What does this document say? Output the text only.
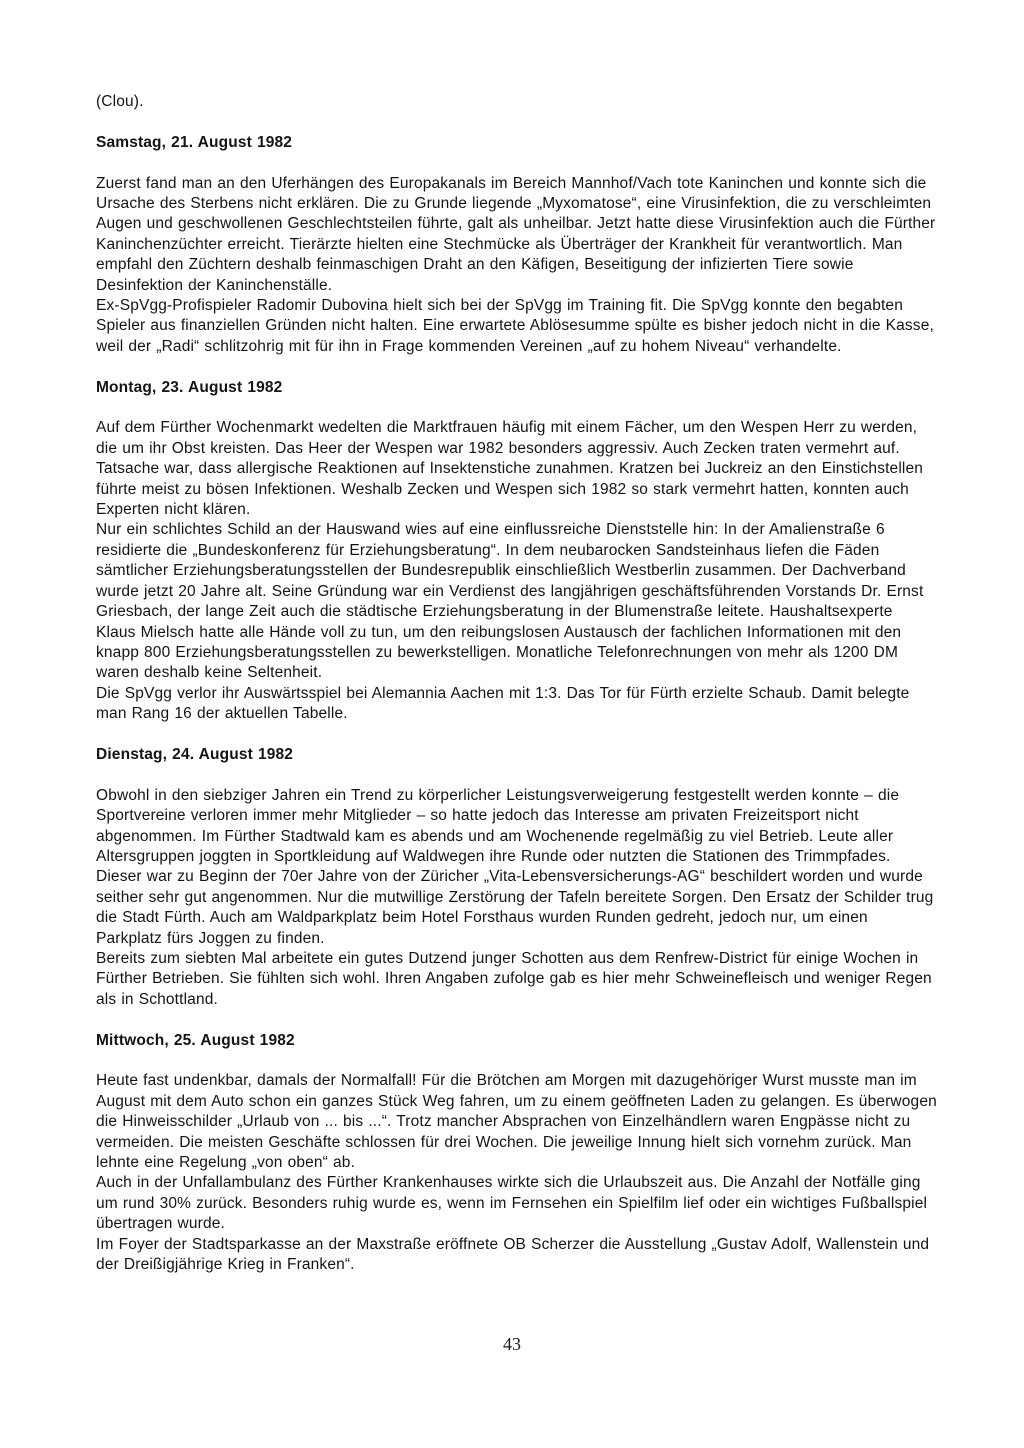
(Clou).

Samstag, 21. August 1982

Zuerst fand man an den Uferhängen des Europakanals im Bereich Mannhof/Vach tote Kaninchen und konnte sich die Ursache des Sterbens nicht erklären. Die zu Grunde liegende „Myxomatose“, eine Virusinfektion, die zu verschleimten Augen und geschwollenen Geschlechtsteilen führte, galt als unheilbar. Jetzt hatte diese Virusinfektion auch die Fürther Kaninchenzüchter erreicht. Tierärzte hielten eine Stechmücke als Überträger der Krankheit für verantwortlich. Man empfahl den Züchtern deshalb feinmaschigen Draht an den Käfigen, Beseitigung der infizierten Tiere sowie Desinfektion der Kaninchenställe.

Ex-SpVgg-Profispieler Radomir Dubovina hielt sich bei der SpVgg im Training fit. Die SpVgg konnte den begabten Spieler aus finanziellen Gründen nicht halten. Eine erwartete Ablösesumme spülte es bisher jedoch nicht in die Kasse, weil der „Radi“ schlitzohrig mit für ihn in Frage kommenden Vereinen „auf zu hohem Niveau“ verhandelte.

Montag, 23. August 1982

Auf dem Fürther Wochenmarkt wedelten die Marktfrauen häufig mit einem Fächer, um den Wespen Herr zu werden, die um ihr Obst kreisten. Das Heer der Wespen war 1982 besonders aggressiv. Auch Zecken traten vermehrt auf. Tatsache war, dass allergische Reaktionen auf Insektenstiche zunahmen. Kratzen bei Juckreiz an den Einstichstellen führte meist zu bösen Infektionen. Weshalb Zecken und Wespen sich 1982 so stark vermehrt hatten, konnten auch Experten nicht klären.

Nur ein schlichtes Schild an der Hauswand wies auf eine einflussreiche Dienststelle hin: In der Amalienstraße 6 residierte die „Bundeskonferenz für Erziehungsberatung“. In dem neubarocken Sandsteinhaus liefen die Fäden sämtlicher Erziehungsberatungsstellen der Bundesrepublik einschließlich Westberlin zusammen. Der Dachverband wurde jetzt 20 Jahre alt. Seine Gründung war ein Verdienst des langjährigen geschäftsführenden Vorstands Dr. Ernst Griesbach, der lange Zeit auch die städtische Erziehungsberatung in der Blumenstraße leitete. Haushaltsexperte Klaus Mielsch hatte alle Hände voll zu tun, um den reibungslosen Austausch der fachlichen Informationen mit den knapp 800 Erziehungsberatungsstellen zu bewerkstelligen. Monatliche Telefonrechnungen von mehr als 1200 DM waren deshalb keine Seltenheit.

Die SpVgg verlor ihr Auswärtsspiel bei Alemannia Aachen mit 1:3. Das Tor für Fürth erzielte Schaub. Damit belegte man Rang 16 der aktuellen Tabelle.

Dienstag, 24. August 1982

Obwohl in den siebziger Jahren ein Trend zu körperlicher Leistungsverweigerung festgestellt werden konnte – die Sportvereine verloren immer mehr Mitglieder – so hatte jedoch das Interesse am privaten Freizeitsport nicht abgenommen. Im Fürther Stadtwald kam es abends und am Wochenende regelmäßig zu viel Betrieb. Leute aller Altersgruppen joggten in Sportkleidung auf Waldwegen ihre Runde oder nutzten die Stationen des Trimmpfades. Dieser war zu Beginn der 70er Jahre von der Züricher „Vita-Lebensversicherungs-AG“ beschildert worden und wurde seither sehr gut angenommen. Nur die mutwillige Zerstörung der Tafeln bereitete Sorgen. Den Ersatz der Schilder trug die Stadt Fürth. Auch am Waldparkplatz beim Hotel Forsthaus wurden Runden gedreht, jedoch nur, um einen Parkplatz fürs Joggen zu finden.

Bereits zum siebten Mal arbeitete ein gutes Dutzend junger Schotten aus dem Renfrew-District für einige Wochen in Fürther Betrieben. Sie fühlten sich wohl. Ihren Angaben zufolge gab es hier mehr Schweinefleisch und weniger Regen als in Schottland.

Mittwoch, 25. August 1982

Heute fast undenkbar, damals der Normalfall! Für die Brötchen am Morgen mit dazugehöriger Wurst musste man im August mit dem Auto schon ein ganzes Stück Weg fahren, um zu einem geöffneten Laden zu gelangen. Es überwogen die Hinweisschilder „Urlaub von ... bis ...“. Trotz mancher Absprachen von Einzelhändlern waren Engpässe nicht zu vermeiden. Die meisten Geschäfte schlossen für drei Wochen. Die jeweilige Innung hielt sich vornehm zurück. Man lehnte eine Regelung „von oben“ ab.

Auch in der Unfallambulanz des Fürther Krankenhauses wirkte sich die Urlaubszeit aus. Die Anzahl der Notfälle ging um rund 30% zurück. Besonders ruhig wurde es, wenn im Fernsehen ein Spielfilm lief oder ein wichtiges Fußballspiel übertragen wurde.

Im Foyer der Stadtsparkasse an der Maxstraße eröffnete OB Scherzer die Ausstellung „Gustav Adolf, Wallenstein und der Dreißigjährige Krieg in Franken“.

43
